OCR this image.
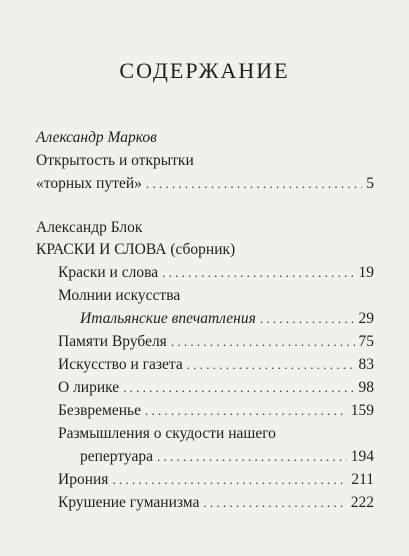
СОДЕРЖАНИЕ
Александр Марков
Открытость и открытки
«торных путей» . . .	5
Александр Блок
КРАСКИ И СЛОВА (сборник)
Краски и слова . . .	19
Молнии искусства
Итальянские впечатления . . .	29
Памяти Врубеля . . .	75
Искусство и газета . . .	83
О лирике . . .	98
Безвременье . . .	159
Размышления о скудости нашего
репертуара . . .	194
Ирония . . .	211
Крушение гуманизма . . .	222
